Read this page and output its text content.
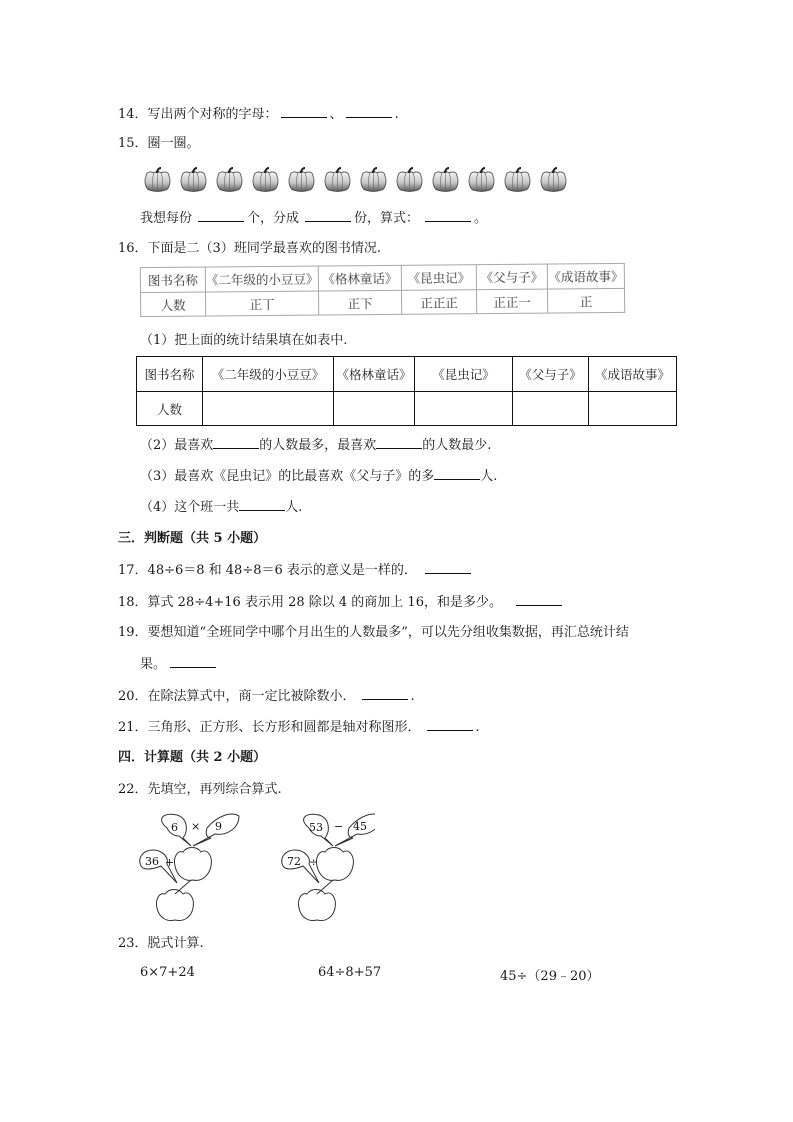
14．写出两个对称的字母：	、	.
15．圈一圈。
我想每份	个，分成	份，算式：	。
16．下面是二（3）班同学最喜欢的图书情况.
图书名称	《二年级的小豆豆》	《格林童话》	《昆虫记》	《父与子》	《成语故事》
人数	正丅	正下	正正正	正正一	正
（1）把上面的统计结果填在如表中.
图书名称	《二年级的小豆豆》	《格林童话》	《昆虫记》	《父与子》	《成语故事》
人数					
（2）最喜欢	的人数最多，最喜欢	的人数最少.
（3）最喜欢《昆虫记》的比最喜欢《父与子》的多	人.
（4）这个班一共	人.
三．判断题（共 5 小题）
17．48÷6＝8 和 48÷8＝6 表示的意义是一样的．
18．算式 28÷4+16 表示用 28 除以 4 的商加上 16，和是多少。
19．要想知道“全班同学中哪个月出生的人数最多”，可以先分组收集数据，再汇总统计结
果。
20．在除法算式中，商一定比被除数小．	.
21．三角形、正方形、长方形和圆都是轴对称图形．	.
四．计算题（共 2 小题）
22．先填空，再列综合算式.
6 × 9
36 +
53 − 45
72 ÷
23．脱式计算.
6×7+24	64÷8+57	45÷（29﹣20）
